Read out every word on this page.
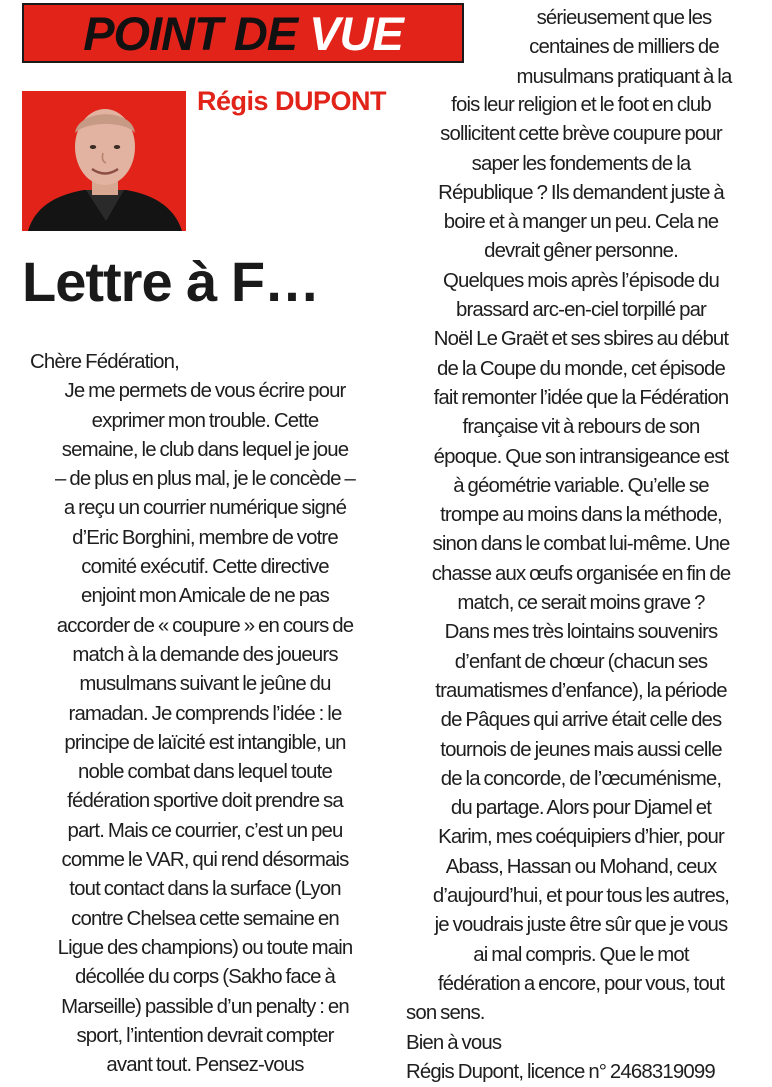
POINT DE VUE
Régis DUPONT
Lettre à F…
sérieusement que les
centaines de milliers de
musulmans pratiquant à la
Chère Fédération,
Je me permets de vous écrire pour
exprimer mon trouble. Cette
semaine, le club dans lequel je joue
– de plus en plus mal, je le concède –
a reçu un courrier numérique signé
d’Eric Borghini, membre de votre
comité exécutif. Cette directive
enjoint mon Amicale de ne pas
accorder de « coupure » en cours de
match à la demande des joueurs
musulmans suivant le jeûne du
ramadan. Je comprends l’idée : le
principe de laïcité est intangible, un
noble combat dans lequel toute
fédération sportive doit prendre sa
part. Mais ce courrier, c’est un peu
comme le VAR, qui rend désormais
tout contact dans la surface (Lyon
contre Chelsea cette semaine en
Ligue des champions) ou toute main
décollée du corps (Sakho face à
Marseille) passible d’un penalty : en
sport, l’intention devrait compter
avant tout. Pensez-vous
fois leur religion et le foot en club
sollicitent cette brève coupure pour
saper les fondements de la
République ? Ils demandent juste à
boire et à manger un peu. Cela ne
devrait gêner personne.
Quelques mois après l’épisode du
brassard arc-en-ciel torpillé par
Noël Le Graët et ses sbires au début
de la Coupe du monde, cet épisode
fait remonter l’idée que la Fédération
française vit à rebours de son
époque. Que son intransigeance est
à géométrie variable. Qu’elle se
trompe au moins dans la méthode,
sinon dans le combat lui-même. Une
chasse aux œufs organisée en fin de
match, ce serait moins grave ?
Dans mes très lointains souvenirs
d’enfant de chœur (chacun ses
traumatismes d’enfance), la période
de Pâques qui arrive était celle des
tournois de jeunes mais aussi celle
de la concorde, de l’œcuménisme,
du partage. Alors pour Djamel et
Karim, mes coéquipiers d’hier, pour
Abass, Hassan ou Mohand, ceux
d’aujourd’hui, et pour tous les autres,
je voudrais juste être sûr que je vous
ai mal compris. Que le mot
fédération a encore, pour vous, tout
son sens.
Bien à vous
Régis Dupont, licence n° 2468319099
